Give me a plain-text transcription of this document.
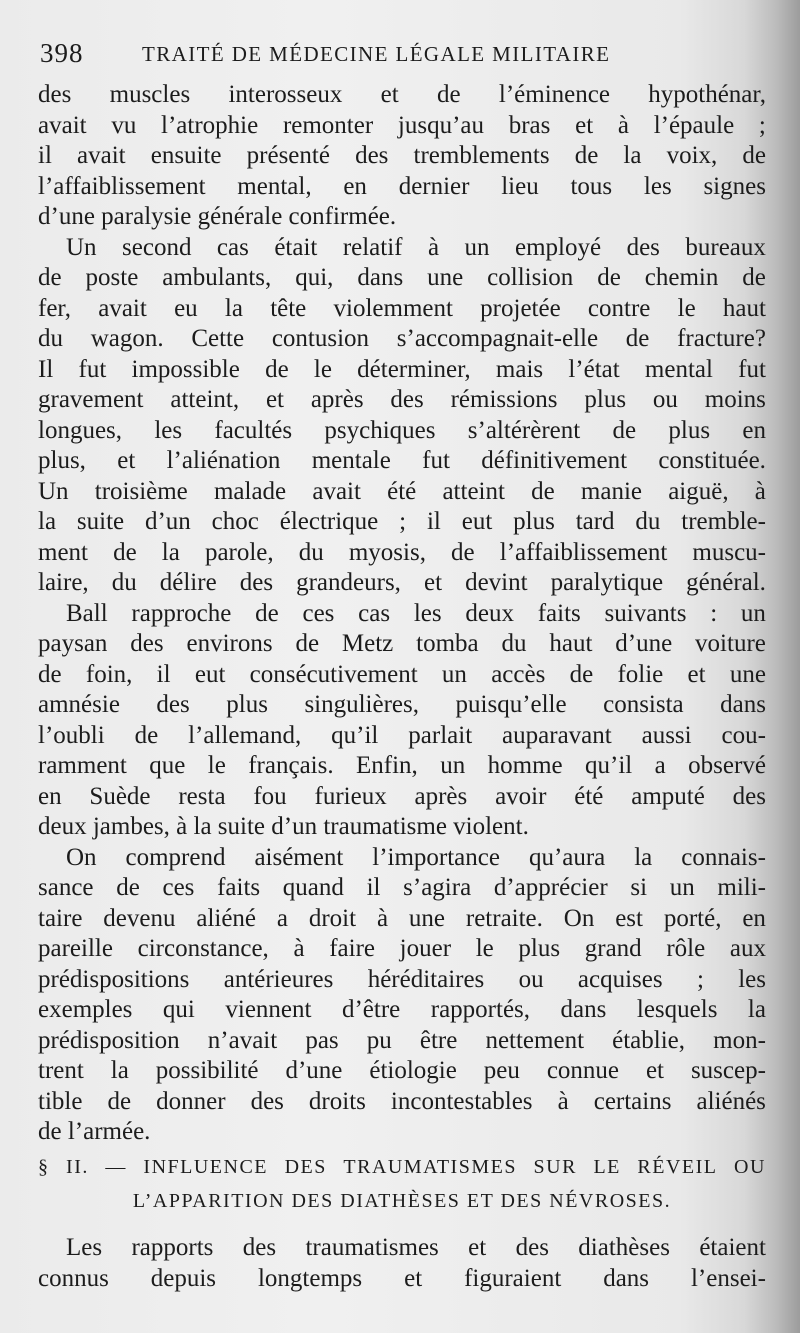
398	TRAITÉ DE MÉDECINE LÉGALE MILITAIRE
des muscles interosseux et de l’éminence hypothénar,
avait vu l’atrophie remonter jusqu’au bras et à l’épaule ;
il avait ensuite présenté des tremblements de la voix, de
l’affaiblissement mental, en dernier lieu tous les signes
d’une paralysie générale confirmée.
Un second cas était relatif à un employé des bureaux
de poste ambulants, qui, dans une collision de chemin de
fer, avait eu la tête violemment projetée contre le haut
du wagon. Cette contusion s’accompagnait-elle de fracture?
Il fut impossible de le déterminer, mais l’état mental fut
gravement atteint, et après des rémissions plus ou moins
longues, les facultés psychiques s’altérèrent de plus en
plus, et l’aliénation mentale fut définitivement constituée.
Un troisième malade avait été atteint de manie aiguë, à
la suite d’un choc électrique ; il eut plus tard du tremble-
ment de la parole, du myosis, de l’affaiblissement muscu-
laire, du délire des grandeurs, et devint paralytique général.
Ball rapproche de ces cas les deux faits suivants : un
paysan des environs de Metz tomba du haut d’une voiture
de foin, il eut consécutivement un accès de folie et une
amnésie des plus singulières, puisqu’elle consista dans
l’oubli de l’allemand, qu’il parlait auparavant aussi cou-
ramment que le français. Enfin, un homme qu’il a observé
en Suède resta fou furieux après avoir été amputé des
deux jambes, à la suite d’un traumatisme violent.
On comprend aisément l’importance qu’aura la connais-
sance de ces faits quand il s’agira d’apprécier si un mili-
taire devenu aliéné a droit à une retraite. On est porté, en
pareille circonstance, à faire jouer le plus grand rôle aux
prédispositions antérieures héréditaires ou acquises ; les
exemples qui viennent d’être rapportés, dans lesquels la
prédisposition n’avait pas pu être nettement établie, mon-
trent la possibilité d’une étiologie peu connue et suscep-
tible de donner des droits incontestables à certains aliénés
de l’armée.
§ II. — INFLUENCE DES TRAUMATISMES SUR LE RÉVEIL OU
L’APPARITION DES DIATHÈSES ET DES NÉVROSES.
Les rapports des traumatismes et des diathèses étaient
connus depuis longtemps et figuraient dans l’ensei-
